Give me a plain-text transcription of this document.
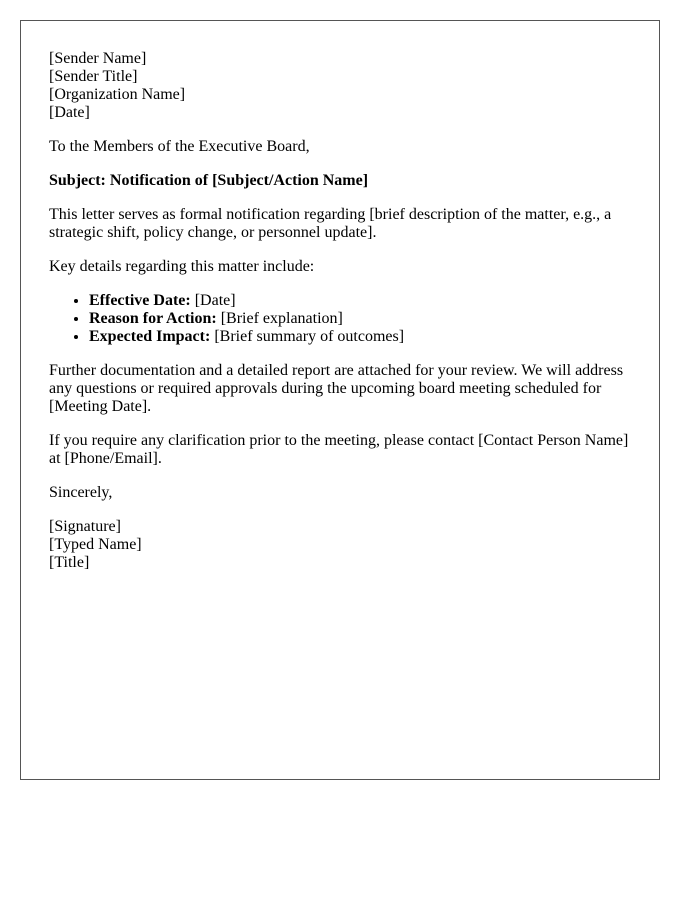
[Sender Name]
[Sender Title]
[Organization Name]
[Date]

To the Members of the Executive Board,

Subject: Notification of [Subject/Action Name]

This letter serves as formal notification regarding [brief description of the matter, e.g., a strategic shift, policy change, or personnel update].

Key details regarding this matter include:

• Effective Date: [Date]
• Reason for Action: [Brief explanation]
• Expected Impact: [Brief summary of outcomes]

Further documentation and a detailed report are attached for your review. We will address any questions or required approvals during the upcoming board meeting scheduled for [Meeting Date].

If you require any clarification prior to the meeting, please contact [Contact Person Name] at [Phone/Email].

Sincerely,

[Signature]
[Typed Name]
[Title]
